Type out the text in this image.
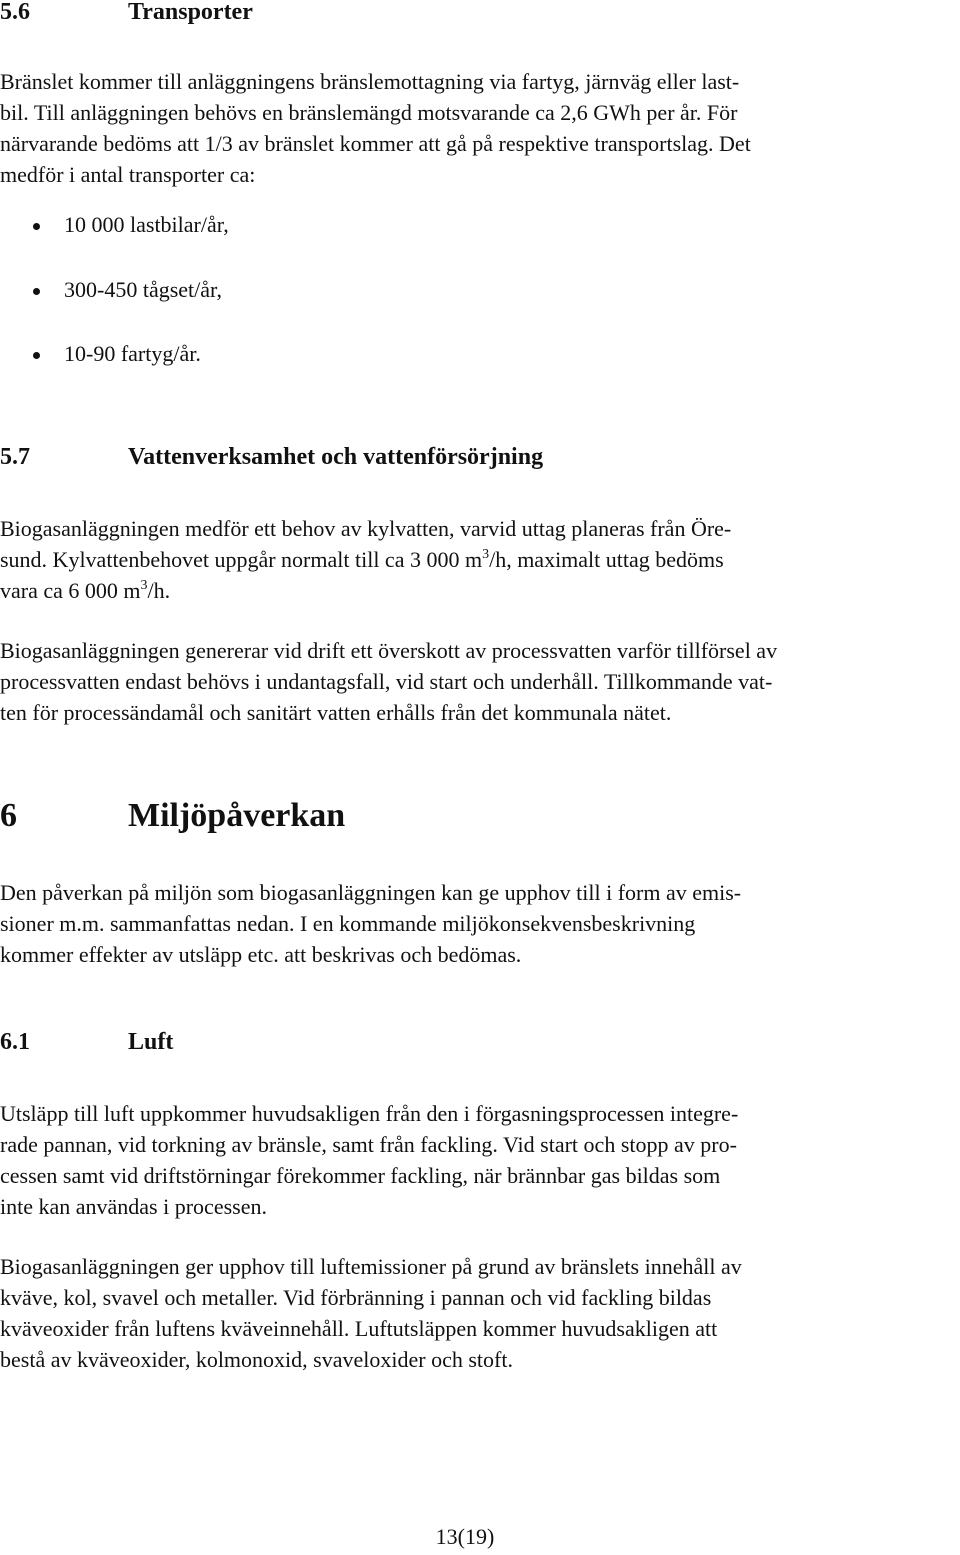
5.6	Transporter
Bränslet kommer till anläggningens bränslemottagning via fartyg, järnväg eller last-
bil. Till anläggningen behövs en bränslemängd motsvarande ca 2,6 GWh per år. För
närvarande bedöms att 1/3 av bränslet kommer att gå på respektive transportslag. Det
medför i antal transporter ca:
10 000 lastbilar/år,
300-450 tågset/år,
10-90 fartyg/år.
5.7	Vattenverksamhet och vattenförsörjning
Biogasanläggningen medför ett behov av kylvatten, varvid uttag planeras från Öre-
sund. Kylvattenbehovet uppgår normalt till ca 3 000 $m^3/h$, maximalt uttag bedöms
vara ca 6 000 $m^3/h$.
Biogasanläggningen genererar vid drift ett överskott av processvatten varför tillförsel av
processvatten endast behövs i undantagsfall, vid start och underhåll. Tillkommande vat-
ten för processändamål och sanitärt vatten erhålls från det kommunala nätet.
6	Miljöpåverkan
Den påverkan på miljön som biogasanläggningen kan ge upphov till i form av emis-
sioner m.m. sammanfattas nedan. I en kommande miljökonsekvensbeskrivning
kommer effekter av utsläpp etc. att beskrivas och bedömas.
6.1	Luft
Utsläpp till luft uppkommer huvudsakligen från den i förgasningsprocessen integre-
rade pannan, vid torkning av bränsle, samt från fackling. Vid start och stopp av pro-
cessen samt vid driftstörningar förekommer fackling, när brännbar gas bildas som
inte kan användas i processen.
Biogasanläggningen ger upphov till luftemissioner på grund av bränslets innehåll av
kväve, kol, svavel och metaller. Vid förbränning i pannan och vid fackling bildas
kväveoxider från luftens kväveinnehåll. Luftutsläppen kommer huvudsakligen att
bestå av kväveoxider, kolmonoxid, svaveloxider och stoft.
13(19)
